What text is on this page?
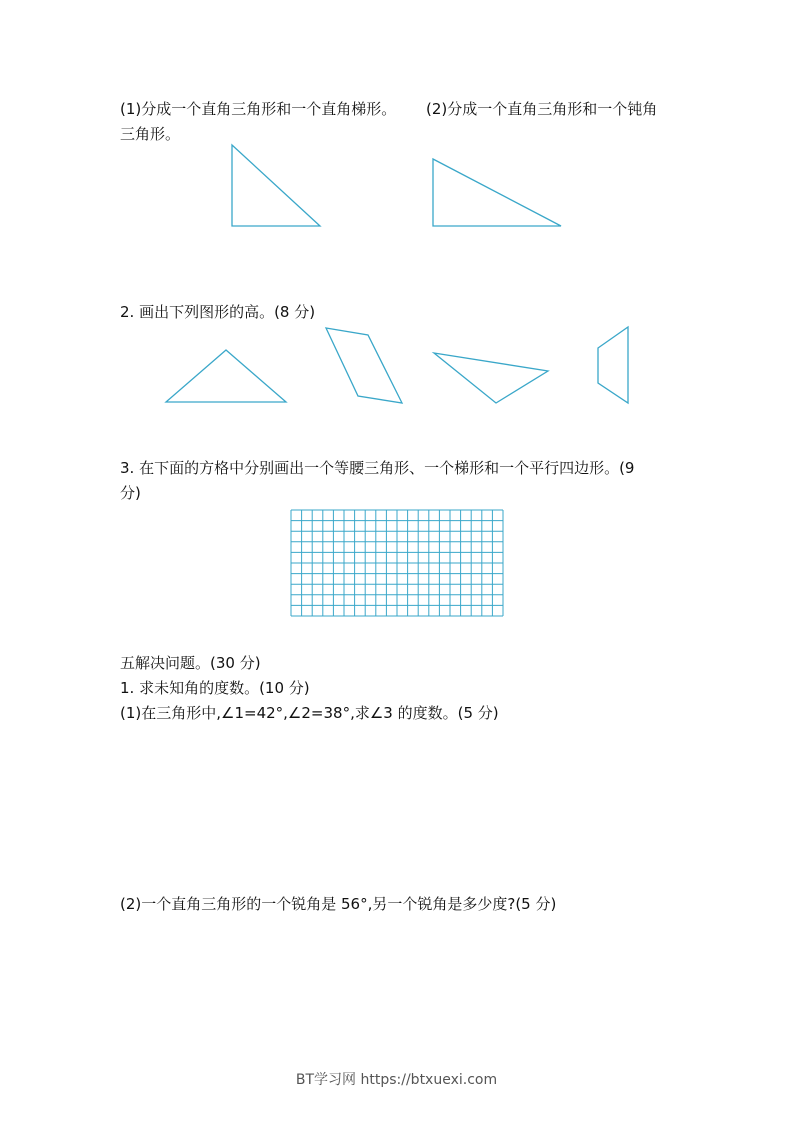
(1)分成一个直角三角形和一个直角梯形。 (2)分成一个直角三角形和一个钝角
三角形。
2. 画出下列图形的高。(8 分)
3. 在下面的方格中分别画出一个等腰三角形、一个梯形和一个平行四边形。(9
分)
五解决问题。(30 分)
1. 求未知角的度数。(10 分)
(1)在三角形中,∠1=42°,∠2=38°,求∠3 的度数。(5 分)
(2)一个直角三角形的一个锐角是 56°,另一个锐角是多少度?(5 分)
BT学习网 https://btxuexi.com
